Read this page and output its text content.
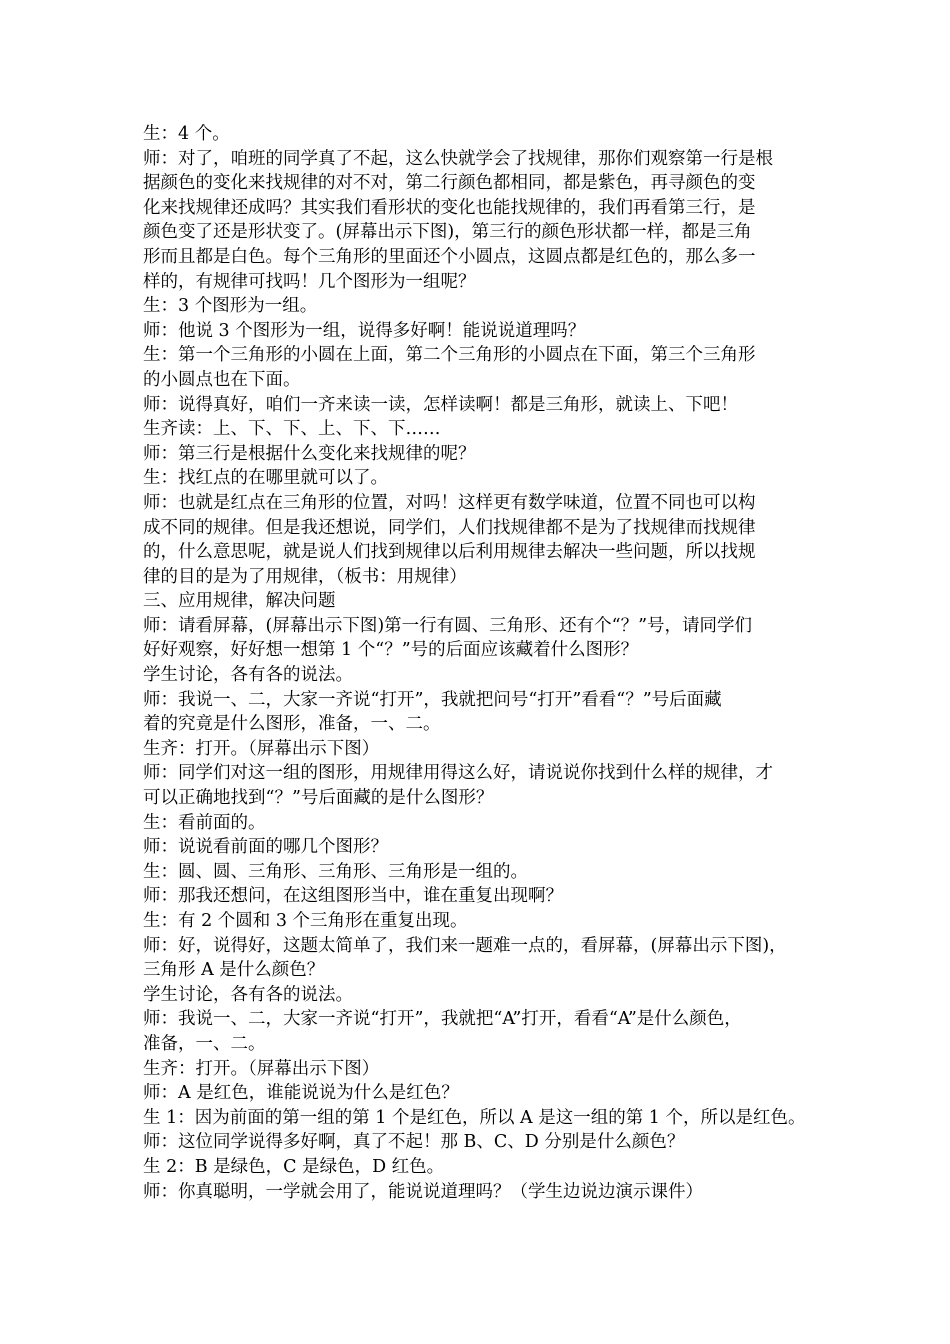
生：4 个。

师：对了，咱班的同学真了不起，这么快就学会了找规律，那你们观察第一行是根

据颜色的变化来找规律的对不对，第二行颜色都相同，都是紫色，再寻颜色的变

化来找规律还成吗？其实我们看形状的变化也能找规律的，我们再看第三行，是

颜色变了还是形状变了。(屏幕出示下图)，第三行的颜色形状都一样，都是三角

形而且都是白色。每个三角形的里面还个小圆点，这圆点都是红色的，那么多一

样的，有规律可找吗！几个图形为一组呢？

生：3 个图形为一组。

师：他说 3 个图形为一组，说得多好啊！能说说道理吗？

生：第一个三角形的小圆在上面，第二个三角形的小圆点在下面，第三个三角形

的小圆点也在下面。

师：说得真好，咱们一齐来读一读，怎样读啊！都是三角形，就读上、下吧！

生齐读：上、下、下、上、下、下……

师：第三行是根据什么变化来找规律的呢？

生：找红点的在哪里就可以了。

师：也就是红点在三角形的位置，对吗！这样更有数学味道，位置不同也可以构

成不同的规律。但是我还想说，同学们，人们找规律都不是为了找规律而找规律

的，什么意思呢，就是说人们找到规律以后利用规律去解决一些问题，所以找规

律的目的是为了用规律，（板书：用规律）

三、应用规律，解决问题

师：请看屏幕，(屏幕出示下图)第一行有圆、三角形、还有个“？”号，请同学们

好好观察，好好想一想第 1 个“？”号的后面应该藏着什么图形？

学生讨论，各有各的说法。

师：我说一、二，大家一齐说“打开”，我就把问号“打开”看看“？”号后面藏

着的究竟是什么图形，准备，一、二。

生齐：打开。（屏幕出示下图）

师：同学们对这一组的图形，用规律用得这么好，请说说你找到什么样的规律，才

可以正确地找到“？”号后面藏的是什么图形？

生：看前面的。

师：说说看前面的哪几个图形？

生：圆、圆、三角形、三角形、三角形是一组的。

师：那我还想问，在这组图形当中，谁在重复出现啊？

生：有 2 个圆和 3 个三角形在重复出现。

师：好，说得好，这题太简单了，我们来一题难一点的，看屏幕，(屏幕出示下图)，

三角形 A 是什么颜色？

学生讨论，各有各的说法。

师：我说一、二，大家一齐说“打开”，我就把“A”打开，看看“A”是什么颜色，

准备，一、二。

生齐：打开。（屏幕出示下图）

师：A 是红色，谁能说说为什么是红色？

生 1：因为前面的第一组的第 1 个是红色，所以 A 是这一组的第 1 个，所以是红色。

师：这位同学说得多好啊，真了不起！那 B、C、D 分别是什么颜色？

生 2：B 是绿色，C 是绿色，D 红色。

师：你真聪明，一学就会用了，能说说道理吗？（学生边说边演示课件）
